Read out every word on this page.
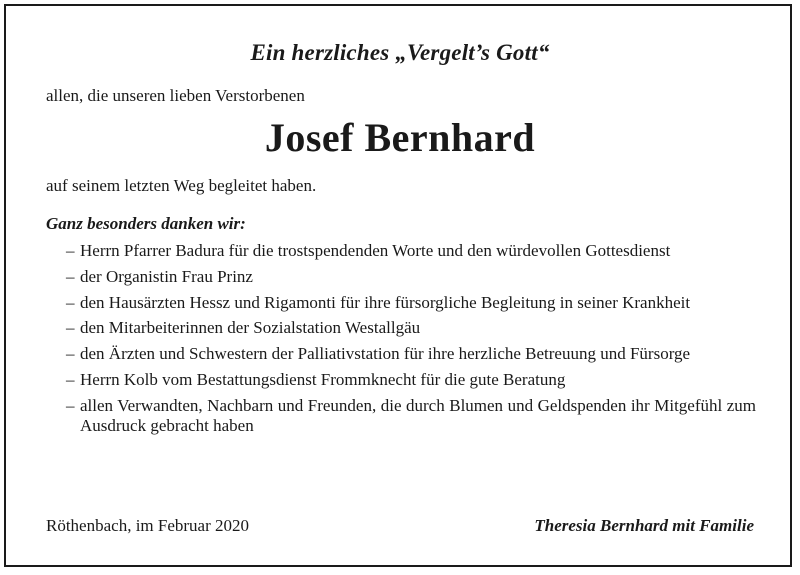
Ein herzliches „Vergelt’s Gott“
allen, die unseren lieben Verstorbenen
Josef Bernhard
auf seinem letzten Weg begleitet haben.
Ganz besonders danken wir:
– Herrn Pfarrer Badura für die trostspendenden Worte und den würdevollen Gottesdienst
– der Organistin Frau Prinz
– den Hausärzten Hessz und Rigamonti für ihre fürsorgliche Begleitung in seiner Krankheit
– den Mitarbeiterinnen der Sozialstation Westallgäu
– den Ärzten und Schwestern der Palliativstation für ihre herzliche Betreuung und Fürsorge
– Herrn Kolb vom Bestattungsdienst Frommknecht für die gute Beratung
– allen Verwandten, Nachbarn und Freunden, die durch Blumen und Geldspenden ihr Mitgefühl zum Ausdruck gebracht haben
Röthenbach, im Februar 2020	Theresia Bernhard mit Familie
